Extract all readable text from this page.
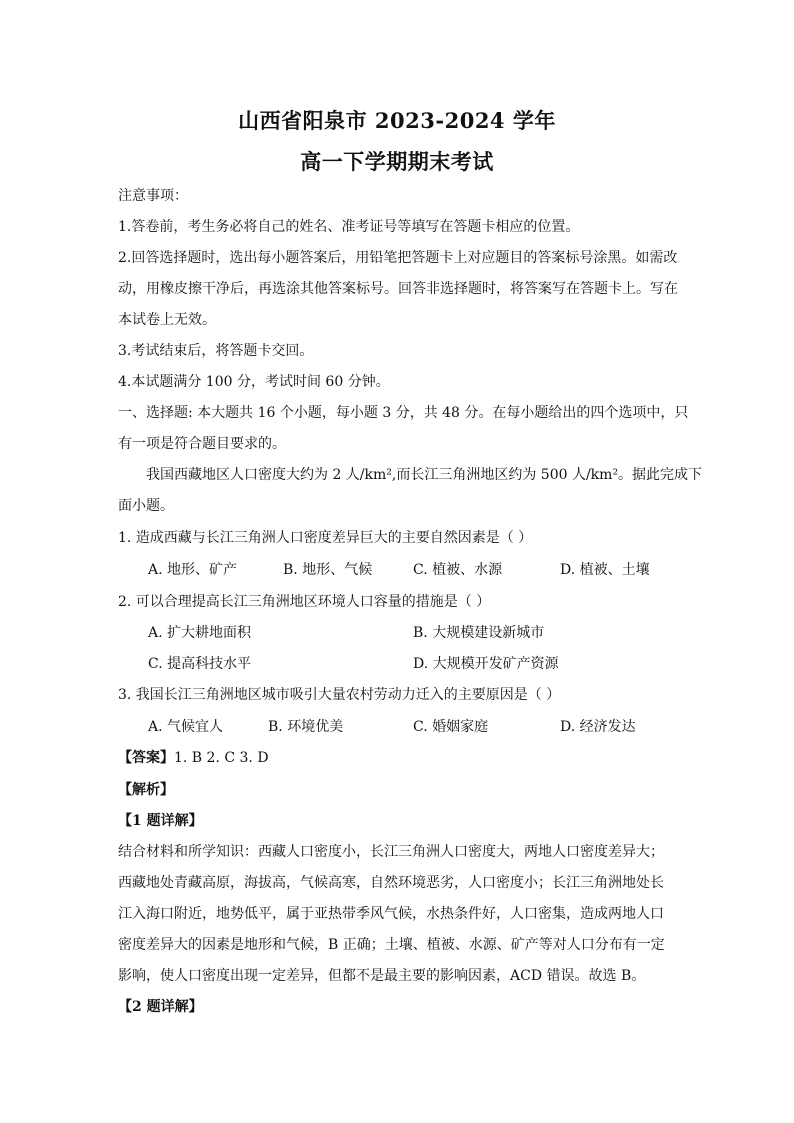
山西省阳泉市 2023-2024 学年
高一下学期期末考试
注意事项：
1.答卷前，考生务必将自己的姓名、准考证号等填写在答题卡相应的位置。
2.回答选择题时，选出每小题答案后，用铅笔把答题卡上对应题目的答案标号涂黑。如需改
动，用橡皮擦干净后，再选涂其他答案标号。回答非选择题时，将答案写在答题卡上。写在
本试卷上无效。
3.考试结束后，将答题卡交回。
4.本试题满分 100 分，考试时间 60 分钟。
一、选择题: 本大题共 16 个小题，每小题 3 分，共 48 分。在每小题给出的四个选项中，只
有一项是符合题目要求的。
我国西藏地区人口密度大约为 2 人/km²,而长江三角洲地区约为 500 人/km²。据此完成下
面小题。
1. 造成西藏与长江三角洲人口密度差异巨大的主要自然因素是（ ）
A. 地形、矿产	B. 地形、气候	C. 植被、水源	D. 植被、土壤
2. 可以合理提高长江三角洲地区环境人口容量的措施是（ ）
A. 扩大耕地面积	B. 大规模建设新城市
C. 提高科技水平	D. 大规模开发矿产资源
3. 我国长江三角洲地区城市吸引大量农村劳动力迁入的主要原因是（ ）
A. 气候宜人	B. 环境优美	C. 婚姻家庭	D. 经济发达
【答案】1. B 2. C 3. D
【解析】
【1 题详解】
结合材料和所学知识：西藏人口密度小，长江三角洲人口密度大，两地人口密度差异大；
西藏地处青藏高原，海拔高，气候高寒，自然环境恶劣，人口密度小；长江三角洲地处长
江入海口附近，地势低平，属于亚热带季风气候，水热条件好，人口密集，造成两地人口
密度差异大的因素是地形和气候，B 正确；土壤、植被、水源、矿产等对人口分布有一定
影响，使人口密度出现一定差异，但都不是最主要的影响因素，ACD 错误。故选 B。
【2 题详解】
